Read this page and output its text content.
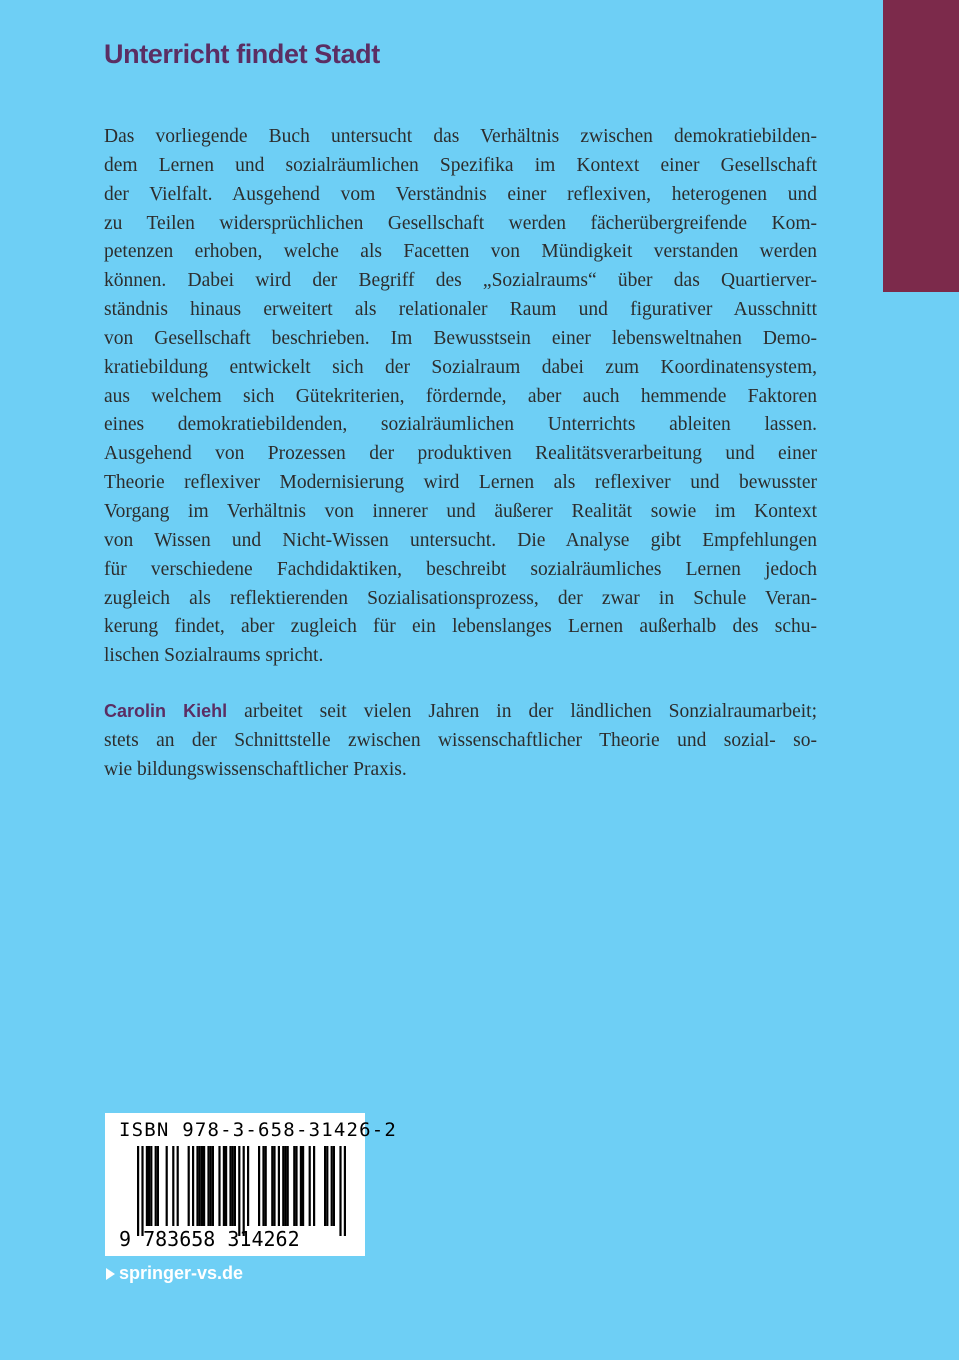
Unterricht findet Stadt

Das vorliegende Buch untersucht das Verhältnis zwischen demokratiebilden-
dem Lernen und sozialräumlichen Spezifika im Kontext einer Gesellschaft
der Vielfalt. Ausgehend vom Verständnis einer reflexiven, heterogenen und
zu Teilen widersprüchlichen Gesellschaft werden fächerübergreifende Kom-
petenzen erhoben, welche als Facetten von Mündigkeit verstanden werden
können. Dabei wird der Begriff des „Sozialraums“ über das Quartierver-
ständnis hinaus erweitert als relationaler Raum und figurativer Ausschnitt
von Gesellschaft beschrieben. Im Bewusstsein einer lebensweltnahen Demo-
kratiebildung entwickelt sich der Sozialraum dabei zum Koordinatensystem,
aus welchem sich Gütekriterien, fördernde, aber auch hemmende Faktoren
eines demokratiebildenden, sozialräumlichen Unterrichts ableiten lassen.
Ausgehend von Prozessen der produktiven Realitätsverarbeitung und einer
Theorie reflexiver Modernisierung wird Lernen als reflexiver und bewusster
Vorgang im Verhältnis von innerer und äußerer Realität sowie im Kontext
von Wissen und Nicht-Wissen untersucht. Die Analyse gibt Empfehlungen
für verschiedene Fachdidaktiken, beschreibt sozialräumliches Lernen jedoch
zugleich als reflektierenden Sozialisationsprozess, der zwar in Schule Veran-
kerung findet, aber zugleich für ein lebenslanges Lernen außerhalb des schu-
lischen Sozialraums spricht.

Carolin Kiehl arbeitet seit vielen Jahren in der ländlichen Sonzialraumarbeit;
stets an der Schnittstelle zwischen wissenschaftlicher Theorie und sozial- so-
wie bildungswissenschaftlicher Praxis.

ISBN 978-3-658-31426-2
9 783658 314262
springer-vs.de
